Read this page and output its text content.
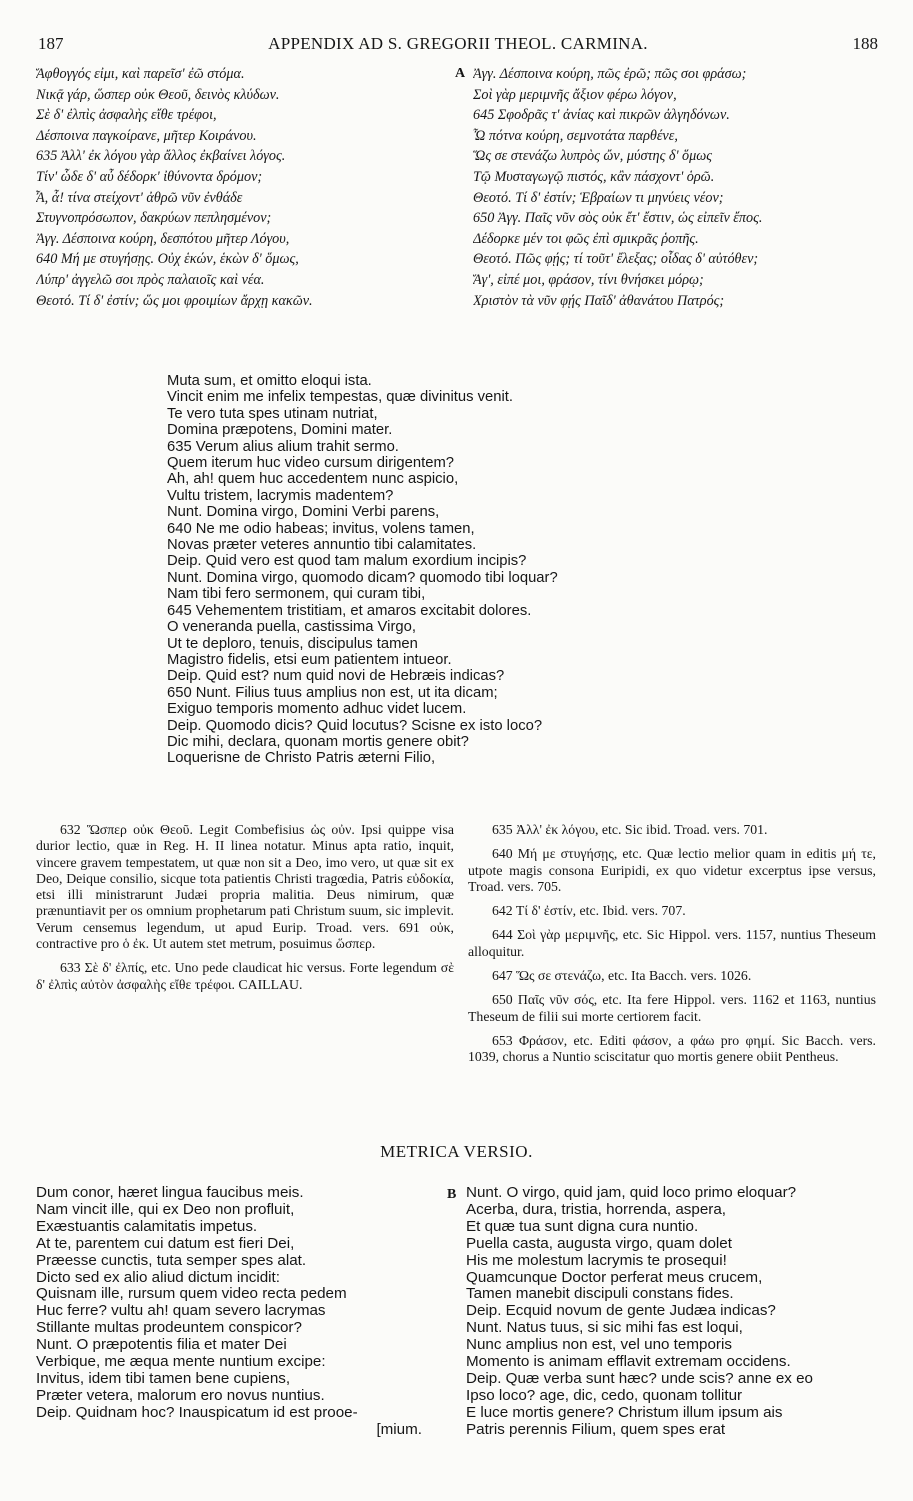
187	APPENDIX AD S. GREGORII THEOL. CARMINA.	188
Ἄφθογγός εἰμι, καὶ παρεῖσ' ἐῶ στόμα.
Νικᾷ γάρ, ὥσπερ οὐκ Θεοῦ, δεινὸς κλύδων.
Σὲ δ' ἐλπὶς ἀσφαλὴς εἴθε τρέφοι,
Δέσποινα παγκοίρανε, μῆτερ Κοιράνου.
635 Ἀλλ' ἐκ λόγου γὰρ ἄλλος ἐκβαίνει λόγος.
Τίν' ὧδε δ' αὖ δέδορκ' ἰθύνοντα δρόμον;
Ἆ, ἆ! τίνα στείχοντ' ἀθρῶ νῦν ἐνθάδε
Στυγνοπρόσωπον, δακρύων πεπλησμένον;
Ἀγγ. Δέσποινα κούρη, δεσπότου μῆτερ Λόγου,
640 Μή με στυγήσῃς. Οὐχ ἑκών, ἑκὼν δ' ὅμως,
Λύπρ' ἀγγελῶ σοι πρὸς παλαιοῖς καὶ νέα.
Θεοτό. Τί δ' ἐστίν; ὥς μοι φροιμίων ἄρχῃ κακῶν.
A Ἀγγ. Δέσποινα κούρη, πῶς ἐρῶ; πῶς σοι φράσω;
Σοὶ γὰρ μεριμνῆς ἄξιον φέρω λόγον,
645 Σφοδρᾶς τ' ἀνίας καὶ πικρῶν ἀλγηδόνων.
Ὦ πότνα κούρη, σεμνοτάτα παρθένε,
Ὥς σε στενάζω λυπρὸς ὤν, μύστης δ' ὅμως
Τῷ Μυσταγωγῷ πιστός, κἂν πάσχοντ' ὁρῶ.
Θεοτό. Τί δ' ἐστίν; Ἑβραίων τι μηνύεις νέον;
650 Ἀγγ. Παῖς νῦν σὸς οὐκ ἔτ' ἔστιν, ὡς εἰπεῖν ἔπος.
Δέδορκε μέν τοι φῶς ἐπὶ σμικρᾶς ῥοπῆς.
Θεοτό. Πῶς φῄς; τί τοῦτ' ἔλεξας; οἶδας δ' αὐτόθεν;
Ἄγ', εἰπέ μοι, φράσον, τίνι θνήσκει μόρῳ;
Χριστὸν τὰ νῦν φῄς Παῖδ' ἀθανάτου Πατρός;
Muta sum, et omitto eloqui ista.
Vincit enim me infelix tempestas, quæ divinitus venit.
Te vero tuta spes utinam nutriat,
Domina præpotens, Domini mater.
635 Verum alius alium trahit sermo.
Quem iterum huc video cursum dirigentem?
Ah, ah! quem huc accedentem nunc aspicio,
Vultu tristem, lacrymis madentem?
Nunt. Domina virgo, Domini Verbi parens,
640 Ne me odio habeas; invitus, volens tamen,
Novas præter veteres annuntio tibi calamitates.
Deip. Quid vero est quod tam malum exordium incipis?
Nunt. Domina virgo, quomodo dicam? quomodo tibi loquar?
Nam tibi fero sermonem, qui curam tibi,
645 Vehementem tristitiam, et amaros excitabit dolores.
O veneranda puella, castissima Virgo,
Ut te deploro, tenuis, discipulus tamen
Magistro fidelis, etsi eum patientem intueor.
Deip. Quid est? num quid novi de Hebræis indicas?
650 Nunt. Filius tuus amplius non est, ut ita dicam;
Exiguo temporis momento adhuc videt lucem.
Deip. Quomodo dicis? Quid locutus? Scisne ex isto loco?
Dic mihi, declara, quonam mortis genere obit?
Loquerisne de Christo Patris æterni Filio,

632 Ὥσπερ οὐκ Θεοῦ. Legit Combefisius ὡς οὐν. Ipsi quippe visa durior lectio, quæ in Reg. H. II linea notatur. Minus apta ratio, inquit, vincere gravem tempestatem, ut quæ non sit a Deo, imo vero, ut quæ sit ex Deo, Deique consilio, sicque tota patientis Christi tragœdia, Patris εὐδοκία, etsi illi ministrarunt Judæi propria malitia. Deus nimirum, quæ prænuntiavit per os omnium prophetarum pati Christum suum, sic implevit. Verum censemus legendum, ut apud Eurip. Troad. vers. 691 οὐκ, contractive pro ὁ ἐκ. Ut autem stet metrum, posuimus ὥσπερ.

633 Σὲ δ' ἐλπίς, etc. Uno pede claudicat hic versus. Forte legendum σὲ δ' ἐλπὶς αὐτὸν ἀσφαλὴς εἴθε τρέφοι. CAILLAU.

635 Ἀλλ' ἐκ λόγου, etc. Sic ibid. Troad. vers. 701.

640 Μή με στυγήσῃς, etc. Quæ lectio melior quam in editis μή τε, utpote magis consona Euripidi, ex quo videtur excerptus ipse versus, Troad. vers. 705.

642 Τί δ' ἐστίν, etc. Ibid. vers. 707.

644 Σοὶ γὰρ μεριμνῆς, etc. Sic Hippol. vers. 1157, nuntius Theseum alloquitur.

647 Ὥς σε στενάζω, etc. Ita Bacch. vers. 1026.

650 Παῖς νῦν σός, etc. Ita fere Hippol. vers. 1162 et 1163, nuntius Theseum de filii sui morte certiorem facit.

653 Φράσον, etc. Editi φάσον, a φάω pro φημί. Sic Bacch. vers. 1039, chorus a Nuntio sciscitatur quo mortis genere obiit Pentheus.

METRICA VERSIO.
Dum conor, hæret lingua faucibus meis.
Nam vincit ille, qui ex Deo non profluit,
Exæstuantis calamitatis impetus.
At te, parentem cui datum est fieri Dei,
Præesse cunctis, tuta semper spes alat.
Dicto sed ex alio aliud dictum incidit:
Quisnam ille, rursum quem video recta pedem
Huc ferre? vultu ah! quam severo lacrymas
Stillante multas prodeuntem conspicor?
Nunt. O præpotentis filia et mater Dei
Verbique, me æqua mente nuntium excipe:
Invitus, idem tibi tamen bene cupiens,
Præter vetera, malorum ero novus nuntius.
Deip. Quidnam hoc? Inauspicatum id est prooe-
[mium.
B Nunt. O virgo, quid jam, quid loco primo eloquar?
Acerba, dura, tristia, horrenda, aspera,
Et quæ tua sunt digna cura nuntio.
Puella casta, augusta virgo, quam dolet
His me molestum lacrymis te prosequi!
Quamcunque Doctor perferat meus crucem,
Tamen manebit discipuli constans fides.
Deip. Ecquid novum de gente Judæa indicas?
Nunt. Natus tuus, si sic mihi fas est loqui,
Nunc amplius non est, vel uno temporis
Momento is animam efflavit extremam occidens.
Deip. Quæ verba sunt hæc? unde scis? anne ex eo
Ipso loco? age, dic, cedo, quonam tollitur
E luce mortis genere? Christum illum ipsum ais
Patris perennis Filium, quem spes erat
